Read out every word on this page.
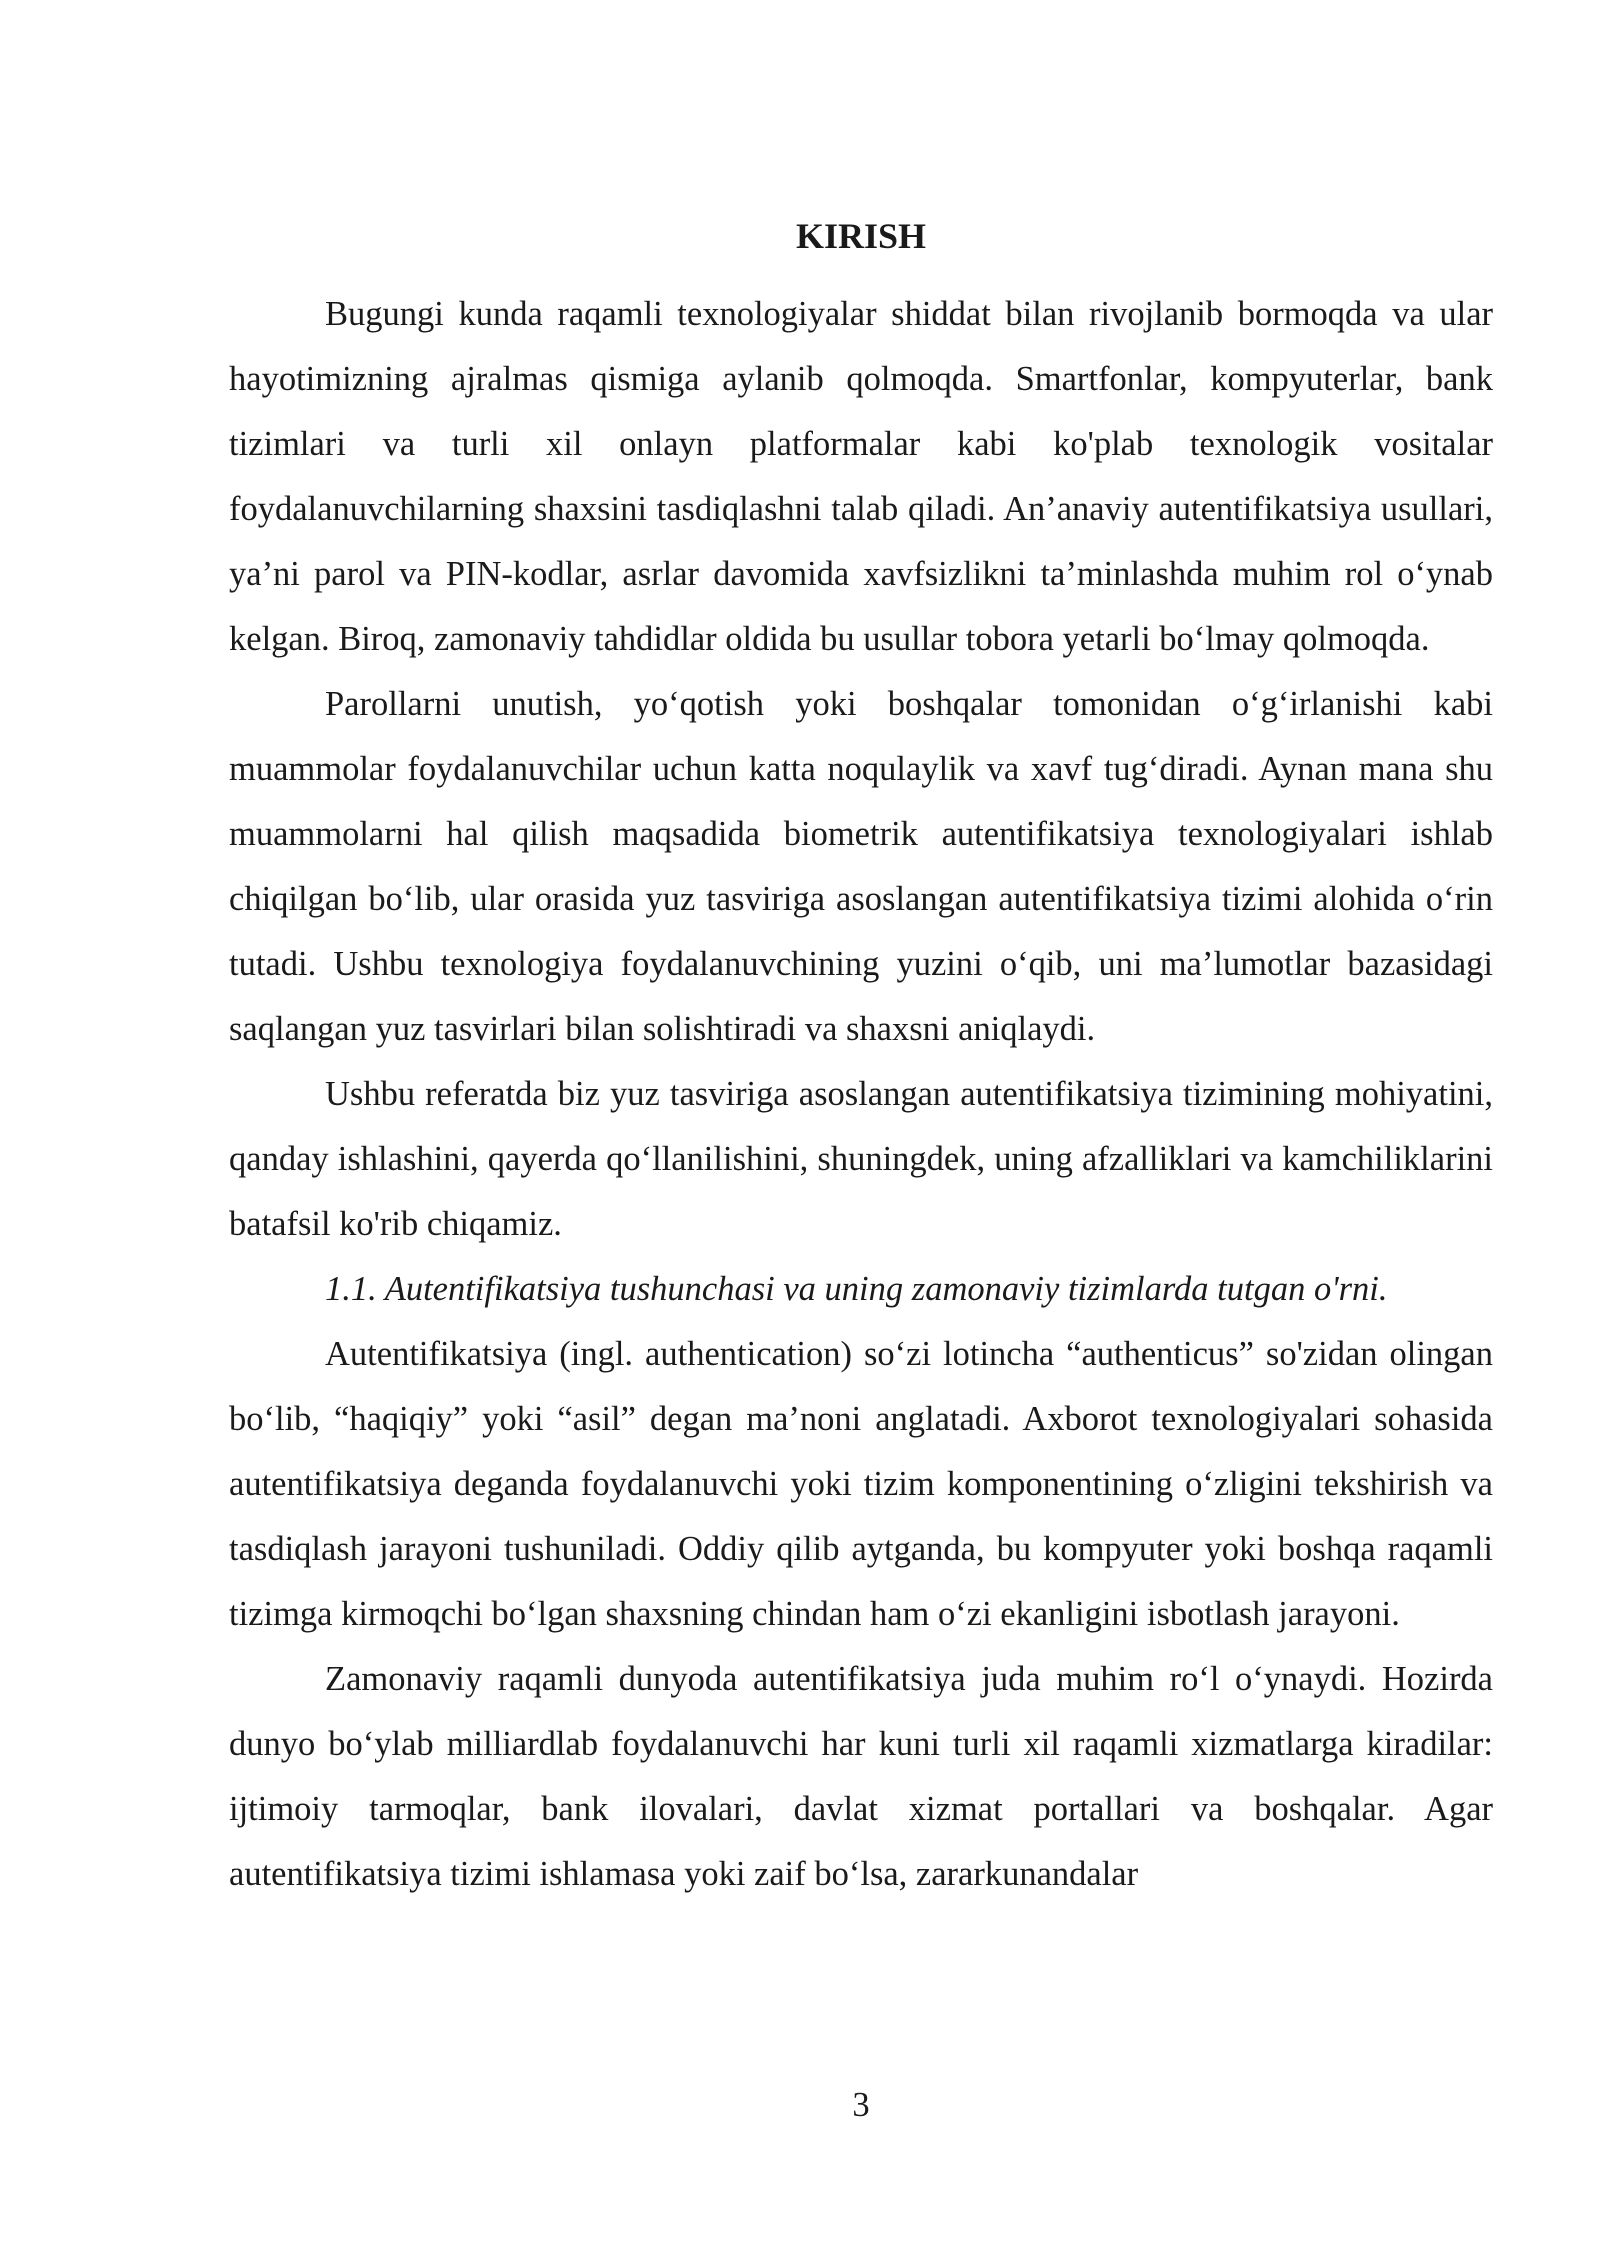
KIRISH

Bugungi kunda raqamli texnologiyalar shiddat bilan rivojlanib bormoqda va ular hayotimizning ajralmas qismiga aylanib qolmoqda. Smartfonlar, kompyuterlar, bank tizimlari va turli xil onlayn platformalar kabi ko'plab texnologik vositalar foydalanuvchilarning shaxsini tasdiqlashni talab qiladi. An’anaviy autentifikatsiya usullari, ya’ni parol va PIN-kodlar, asrlar davomida xavfsizlikni ta’minlashda muhim rol oʻynab kelgan. Biroq, zamonaviy tahdidlar oldida bu usullar tobora yetarli boʻlmay qolmoqda.

Parollarni unutish, yoʻqotish yoki boshqalar tomonidan oʻgʻirlanishi kabi muammolar foydalanuvchilar uchun katta noqulaylik va xavf tugʻdiradi. Aynan mana shu muammolarni hal qilish maqsadida biometrik autentifikatsiya texnologiyalari ishlab chiqilgan boʻlib, ular orasida yuz tasviriga asoslangan autentifikatsiya tizimi alohida oʻrin tutadi. Ushbu texnologiya foydalanuvchining yuzini oʻqib, uni ma’lumotlar bazasidagi saqlangan yuz tasvirlari bilan solishtiradi va shaxsni aniqlaydi.

Ushbu referatda biz yuz tasviriga asoslangan autentifikatsiya tizimining mohiyatini, qanday ishlashini, qayerda qoʻllanilishini, shuningdek, uning afzalliklari va kamchiliklarini batafsil ko'rib chiqamiz.

1.1. Autentifikatsiya tushunchasi va uning zamonaviy tizimlarda tutgan o'rni.

Autentifikatsiya (ingl. authentication) soʻzi lotincha “authenticus” so'zidan olingan boʻlib, “haqiqiy” yoki “asil” degan ma’noni anglatadi. Axborot texnologiyalari sohasida autentifikatsiya deganda foydalanuvchi yoki tizim komponentining oʻzligini tekshirish va tasdiqlash jarayoni tushuniladi. Oddiy qilib aytganda, bu kompyuter yoki boshqa raqamli tizimga kirmoqchi boʻlgan shaxsning chindan ham oʻzi ekanligini isbotlash jarayoni.

Zamonaviy raqamli dunyoda autentifikatsiya juda muhim roʻl oʻynaydi. Hozirda dunyo boʻylab milliardlab foydalanuvchi har kuni turli xil raqamli xizmatlarga kiradilar: ijtimoiy tarmoqlar, bank ilovalari, davlat xizmat portallari va boshqalar. Agar autentifikatsiya tizimi ishlamasa yoki zaif boʻlsa, zararkunandalar

3
